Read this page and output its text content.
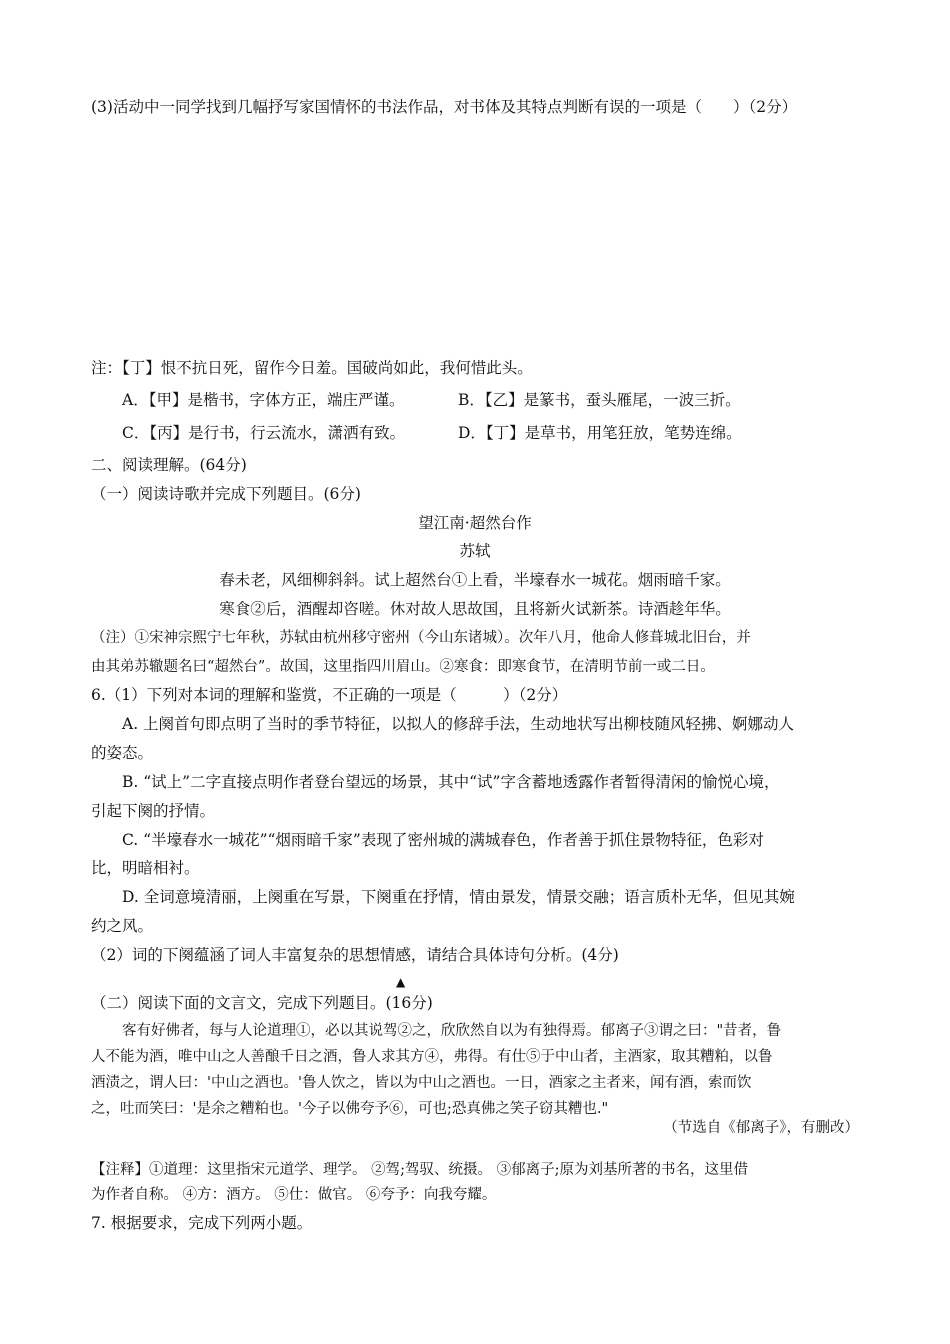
(3)活动中一同学找到几幅抒写家国情怀的书法作品，对书体及其特点判断有误的一项是（　　）（2分）
注：【丁】恨不抗日死，留作今日羞。国破尚如此，我何惜此头。
A．【甲】是楷书，字体方正，端庄严谨。	B．【乙】是篆书，蚕头雁尾，一波三折。
C．【丙】是行书，行云流水，潇洒有致。	D．【丁】是草书，用笔狂放，笔势连绵。
二、阅读理解。(64分)
（一）阅读诗歌并完成下列题目。(6分)
望江南·超然台作
苏轼
春未老，风细柳斜斜。试上超然台①上看，半壕春水一城花。烟雨暗千家。
寒食②后，酒醒却咨嗟。休对故人思故国，且将新火试新茶。诗酒趁年华。
（注）①宋神宗熙宁七年秋，苏轼由杭州移守密州（今山东诸城）。次年八月，他命人修葺城北旧台，并
由其弟苏辙题名曰“超然台”。故国，这里指四川眉山。②寒食：即寒食节，在清明节前一或二日。
6.（1）下列对本词的理解和鉴赏，不正确的一项是（　　　）（2分）
A. 上阕首句即点明了当时的季节特征，以拟人的修辞手法，生动地状写出柳枝随风轻拂、婀娜动人
的姿态。
B. “试上”二字直接点明作者登台望远的场景，其中“试”字含蓄地透露作者暂得清闲的愉悦心境，
引起下阕的抒情。
C. “半壕春水一城花”“烟雨暗千家”表现了密州城的满城春色，作者善于抓住景物特征，色彩对
比，明暗相衬。
D. 全词意境清丽，上阕重在写景，下阕重在抒情，情由景发，情景交融；语言质朴无华，但见其婉
约之风。
（2）词的下阕蕴涵了词人丰富复杂的思想情感，请结合具体诗句分析。(4分)
▲
（二）阅读下面的文言文，完成下列题目。(16分)
客有好佛者，每与人论道理①，必以其说驾②之，欣欣然自以为有独得焉。郁离子③谓之曰："昔者，鲁
人不能为酒，唯中山之人善酿千日之酒，鲁人求其方④，弗得。有仕⑤于中山者，主酒家，取其糟粕，以鲁
酒渍之，谓人曰：'中山之酒也。'鲁人饮之，皆以为中山之酒也。一日，酒家之主者来，闻有酒，索而饮
之，吐而笑曰：'是余之糟粕也。'今子以佛夸予⑥，可也;恐真佛之笑子窃其糟也."
（节选自《郁离子》，有删改）
【注释】①道理：这里指宋元道学、理学。 ②驾;驾驭、统摄。 ③郁离子;原为刘基所著的书名，这里借
为作者自称。 ④方：酒方。 ⑤仕：做官。 ⑥夸予：向我夸耀。
7. 根据要求，完成下列两小题。
